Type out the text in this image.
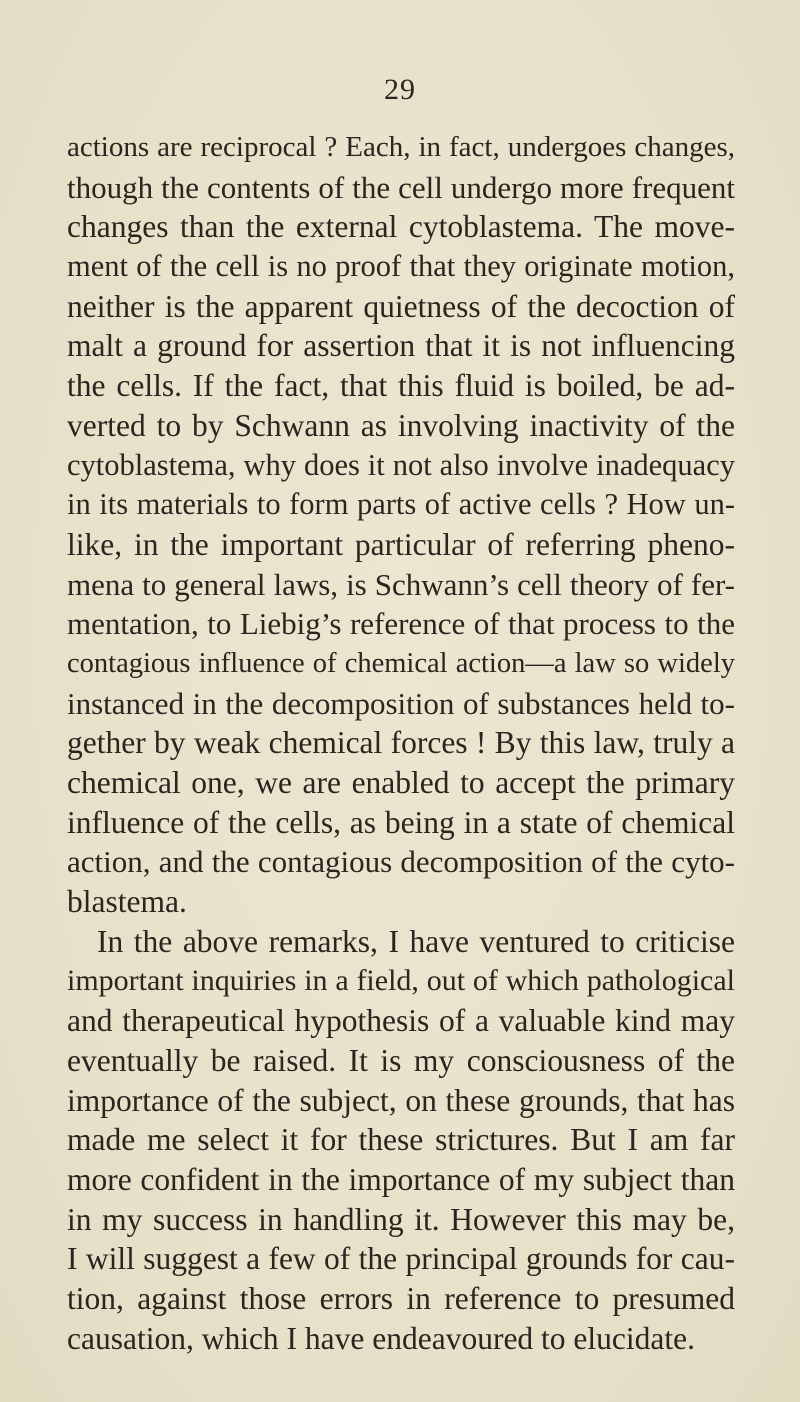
29
actions are reciprocal ? Each, in fact, undergoes changes,
though the contents of the cell undergo more frequent
changes than the external cytoblastema. The move-
ment of the cell is no proof that they originate motion,
neither is the apparent quietness of the decoction of
malt a ground for assertion that it is not influencing
the cells. If the fact, that this fluid is boiled, be ad-
verted to by Schwann as involving inactivity of the
cytoblastema, why does it not also involve inadequacy
in its materials to form parts of active cells ? How un-
like, in the important particular of referring pheno-
mena to general laws, is Schwann’s cell theory of fer-
mentation, to Liebig’s reference of that process to the
contagious influence of chemical action—a law so widely
instanced in the decomposition of substances held to-
gether by weak chemical forces ! By this law, truly a
chemical one, we are enabled to accept the primary
influence of the cells, as being in a state of chemical
action, and the contagious decomposition of the cyto-
blastema.
In the above remarks, I have ventured to criticise
important inquiries in a field, out of which pathological
and therapeutical hypothesis of a valuable kind may
eventually be raised. It is my consciousness of the
importance of the subject, on these grounds, that has
made me select it for these strictures. But I am far
more confident in the importance of my subject than
in my success in handling it. However this may be,
I will suggest a few of the principal grounds for cau-
tion, against those errors in reference to presumed
causation, which I have endeavoured to elucidate.
